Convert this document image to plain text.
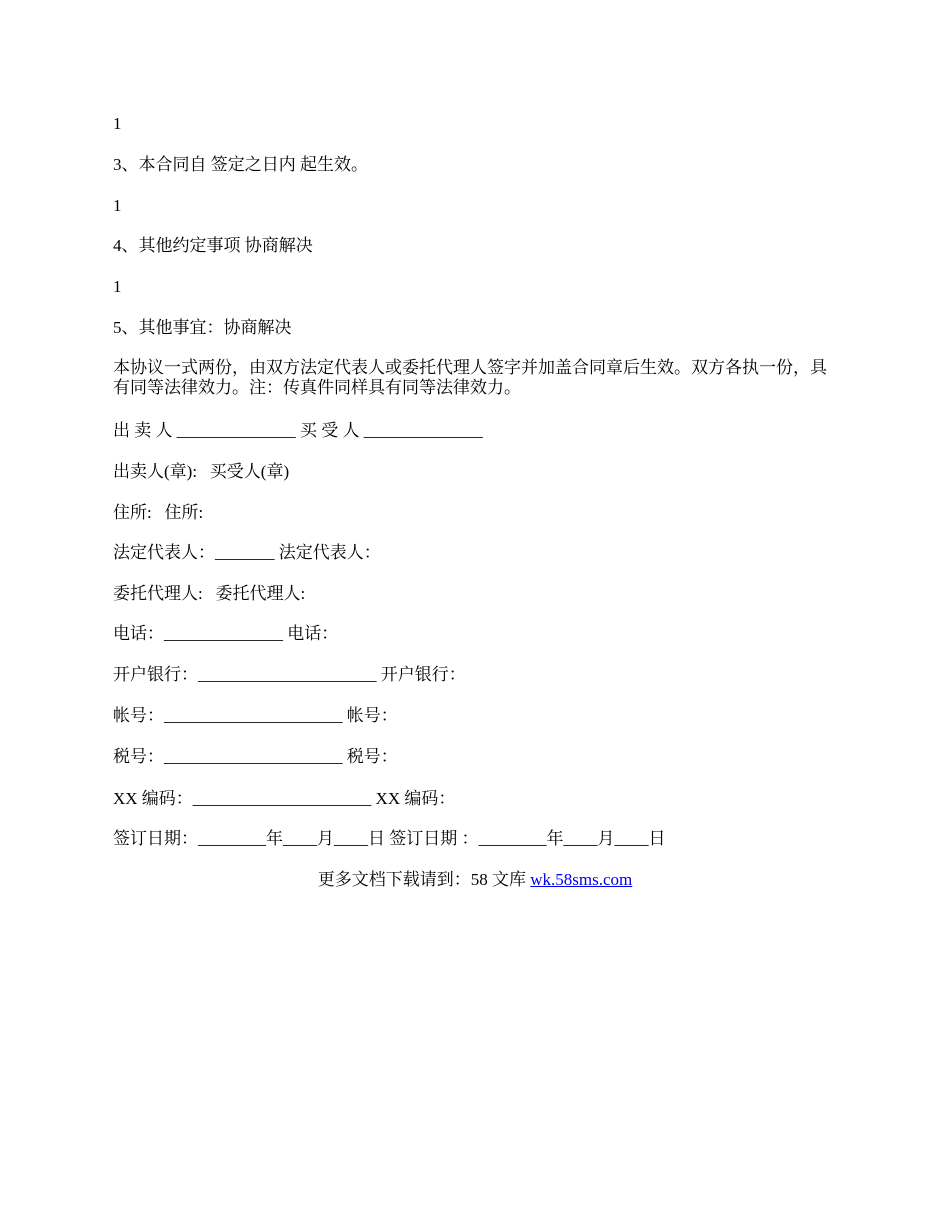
1
3、本合同自 签定之日内 起生效。
1
4、其他约定事项 协商解决
1
5、其他事宜：协商解决
本协议一式两份，由双方法定代表人或委托代理人签字并加盖合同章后生效。双方各执一份，具有同等法律效力。注：传真件同样具有同等法律效力。
出 卖 人 ______________ 买 受 人 ______________
出卖人(章):   买受人(章)
住所:   住所:
法定代表人：_______ 法定代表人：
委托代理人:   委托代理人:
电话：______________ 电话：
开户银行：_____________________ 开户银行：
帐号：_____________________ 帐号：
税号：_____________________ 税号：
XX 编码：_____________________ XX 编码：
签订日期：________年____月____日 签订日期 ：________年____月____日
更多文档下载请到：58 文库 wk.58sms.com
